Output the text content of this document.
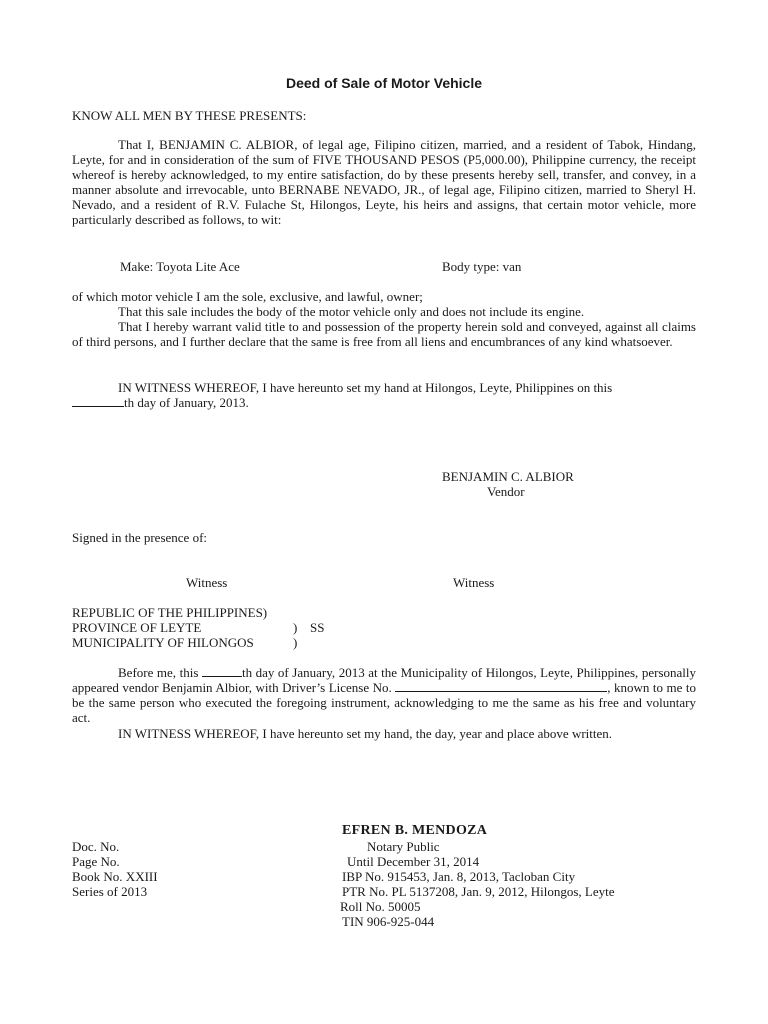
Deed of Sale of Motor Vehicle
KNOW ALL MEN BY THESE PRESENTS:
That I, BENJAMIN C. ALBIOR, of legal age, Filipino citizen, married, and a resident of Tabok, Hindang, Leyte, for and in consideration of the sum of FIVE THOUSAND PESOS (P5,000.00), Philippine currency, the receipt whereof is hereby acknowledged, to my entire satisfaction, do by these presents hereby sell, transfer, and convey, in a manner absolute and irrevocable, unto BERNABE NEVADO, JR., of legal age, Filipino citizen, married to Sheryl H. Nevado, and a resident of R.V. Fulache St, Hilongos, Leyte, his heirs and assigns, that certain motor vehicle, more particularly described as follows, to wit:
Make: Toyota Lite Ace	Body type: van
of which motor vehicle I am the sole, exclusive, and lawful, owner;
That this sale includes the body of the motor vehicle only and does not include its engine.
That I hereby warrant valid title to and possession of the property herein sold and conveyed, against all claims of third persons, and I further declare that the same is free from all liens and encumbrances of any kind whatsoever.
IN WITNESS WHEREOF, I have hereunto set my hand at Hilongos, Leyte, Philippines on this
th day of January, 2013.
BENJAMIN C. ALBIOR
Vendor
Signed in the presence of:
Witness	Witness
REPUBLIC OF THE PHILIPPINES)
PROVINCE OF LEYTE	) SS
MUNICIPALITY OF HILONGOS	)
Before me, this	th day of January, 2013 at the Municipality of Hilongos, Leyte, Philippines, personally appeared vendor Benjamin Albior, with Driver’s License No.	, known to me to be the same person who executed the foregoing instrument, acknowledging to me the same as his free and voluntary act.
IN WITNESS WHEREOF, I have hereunto set my hand, the day, year and place above written.
EFREN B. MENDOZA
Notary Public
Until December 31, 2014
IBP No. 915453, Jan. 8, 2013, Tacloban City
PTR No. PL 5137208, Jan. 9, 2012, Hilongos, Leyte
Roll No. 50005
TIN 906-925-044
Doc. No.
Page No.
Book No. XXIII
Series of 2013
